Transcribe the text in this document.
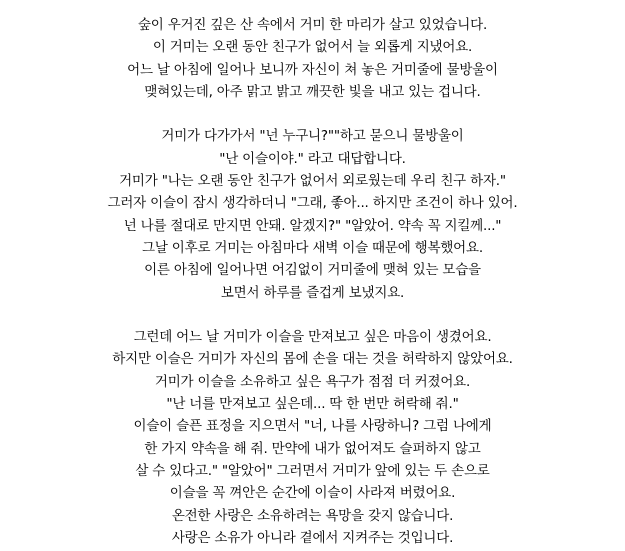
숲이 우거진 깊은 산 속에서 거미 한 마리가 살고 있었습니다.
이 거미는 오랜 동안 친구가 없어서 늘 외롭게 지냈어요.
어느 날 아침에 일어나 보니까 자신이 쳐 놓은 거미줄에 물방울이
맺혀있는데, 아주 맑고 밝고 깨끗한 빛을 내고 있는 겁니다.
거미가 다가가서 "넌 누구니?""하고 묻으니 물방울이
"난 이슬이야." 라고 대답합니다.
거미가 "나는 오랜 동안 친구가 없어서 외로웠는데 우리 친구 하자."
그러자 이슬이 잠시 생각하더니 "그래, 좋아... 하지만 조건이 하나 있어.
넌 나를 절대로 만지면 안돼. 알겠지?" "알았어. 약속 꼭 지킬께..."
그날 이후로 거미는 아침마다 새벽 이슬 때문에 행복했어요.
이른 아침에 일어나면 어김없이 거미줄에 맺혀 있는 모습을
보면서 하루를 즐겁게 보냈지요.
그런데 어느 날 거미가 이슬을 만져보고 싶은 마음이 생겼어요.
하지만 이슬은 거미가 자신의 몸에 손을 대는 것을 허락하지 않았어요.
거미가 이슬을 소유하고 싶은 욕구가 점점 더 커졌어요.
"난 너를 만져보고 싶은데... 딱 한 번만 허락해 줘."
이슬이 슬픈 표정을 지으면서 "너, 나를 사랑하니? 그럼 나에게
한 가지 약속을 해 줘. 만약에 내가 없어져도 슬퍼하지 않고
살 수 있다고." "알았어" 그러면서 거미가 앞에 있는 두 손으로
이슬을 꼭 껴안은 순간에 이슬이 사라져 버렸어요.
온전한 사랑은 소유하려는 욕망을 갖지 않습니다.
사랑은 소유가 아니라 곁에서 지켜주는 것입니다.
